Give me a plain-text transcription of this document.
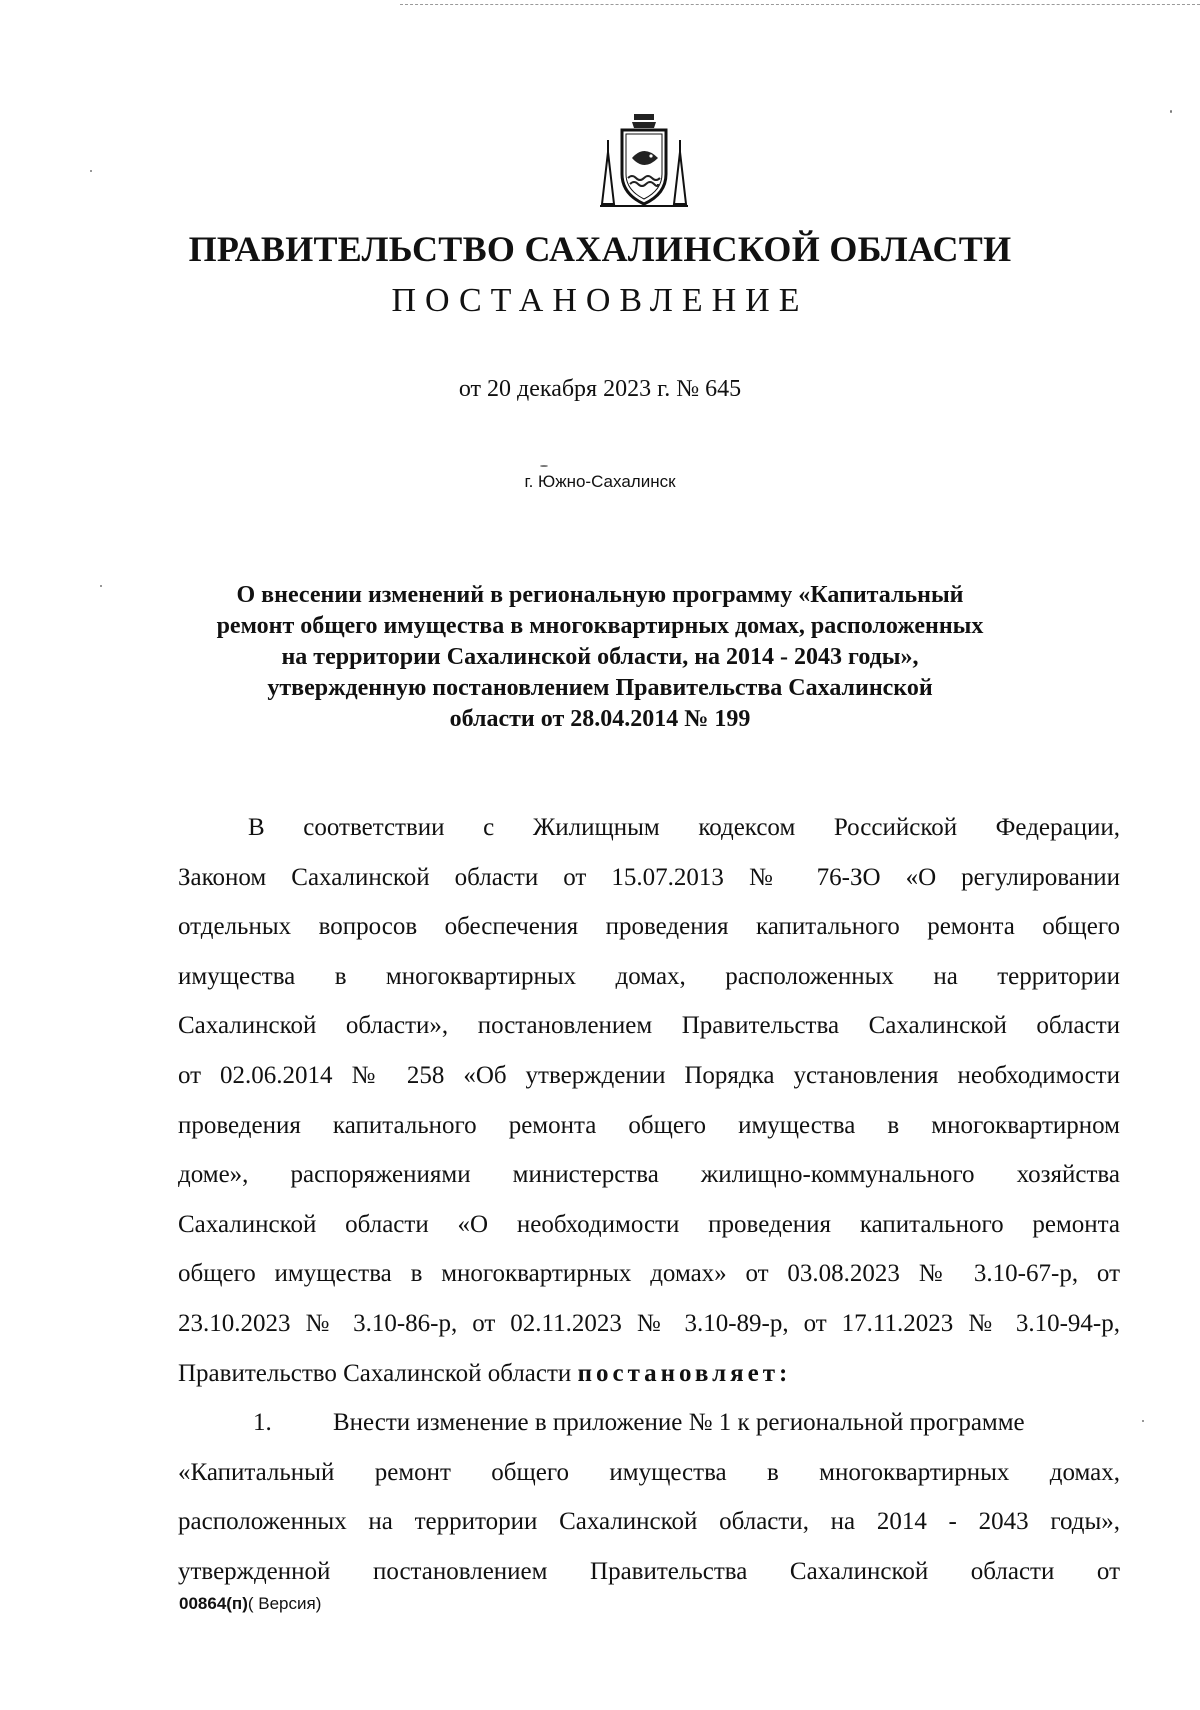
ПРАВИТЕЛЬСТВО САХАЛИНСКОЙ ОБЛАСТИ
ПОСТАНОВЛЕНИЕ
от 20 декабря 2023 г. № 645
г. Южно-Сахалинск
О внесении изменений в региональную программу «Капитальный
ремонт общего имущества в многоквартирных домах, расположенных
на территории Сахалинской области, на 2014 - 2043 годы»,
утвержденную постановлением Правительства Сахалинской
области от 28.04.2014 № 199
В соответствии с Жилищным кодексом Российской Федерации,
Законом Сахалинской области от 15.07.2013 № 76-ЗО «О регулировании
отдельных вопросов обеспечения проведения капитального ремонта общего
имущества в многоквартирных домах, расположенных на территории
Сахалинской области», постановлением Правительства Сахалинской области
от 02.06.2014 № 258 «Об утверждении Порядка установления необходимости
проведения капитального ремонта общего имущества в многоквартирном
доме», распоряжениями министерства жилищно-коммунального хозяйства
Сахалинской области «О необходимости проведения капитального ремонта
общего имущества в многоквартирных домах» от 03.08.2023 № 3.10-67-р, от
23.10.2023 № 3.10-86-р, от 02.11.2023 № 3.10-89-р, от 17.11.2023 № 3.10-94-р,
Правительство Сахалинской области постановляет:
1. Внести изменение в приложение № 1 к региональной программе
«Капитальный ремонт общего имущества в многоквартирных домах,
расположенных на территории Сахалинской области, на 2014 - 2043 годы»,
утвержденной постановлением Правительства Сахалинской области от
00864(п)( Версия)
